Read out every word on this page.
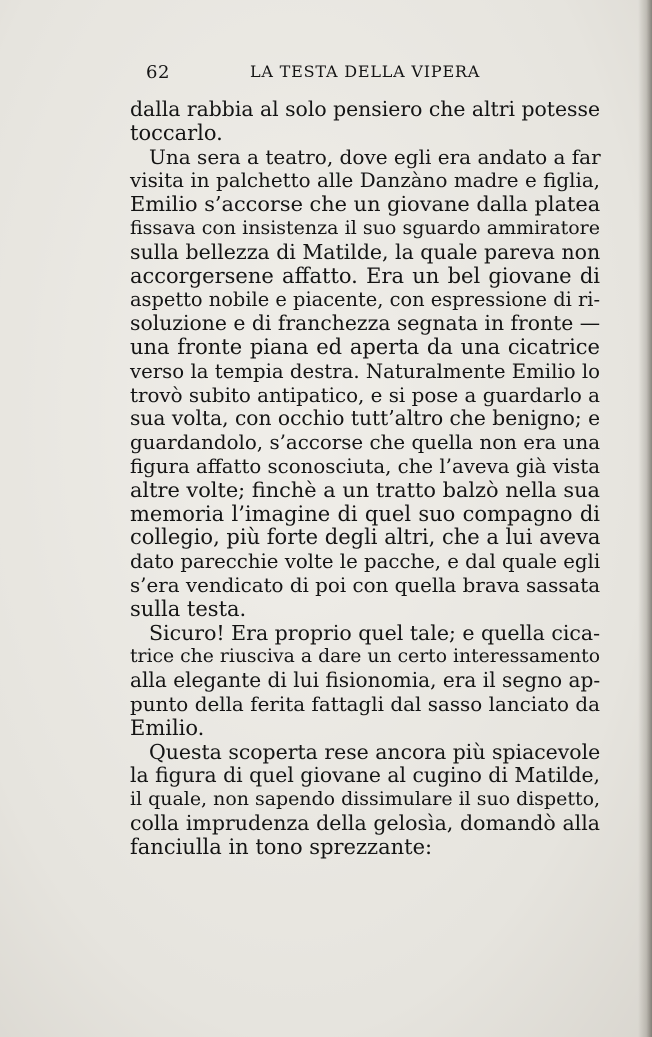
62	LA TESTA DELLA VIPERA
dalla rabbia al solo pensiero che altri potesse
toccarlo.
Una sera a teatro, dove egli era andato a far
visita in palchetto alle Danzàno madre e figlia,
Emilio s’accorse che un giovane dalla platea
fissava con insistenza il suo sguardo ammiratore
sulla bellezza di Matilde, la quale pareva non
accorgersene affatto. Era un bel giovane di
aspetto nobile e piacente, con espressione di ri-
soluzione e di franchezza segnata in fronte —
una fronte piana ed aperta da una cicatrice
verso la tempia destra. Naturalmente Emilio lo
trovò subito antipatico, e si pose a guardarlo a
sua volta, con occhio tutt’altro che benigno; e
guardandolo, s’accorse che quella non era una
figura affatto sconosciuta, che l’aveva già vista
altre volte; finchè a un tratto balzò nella sua
memoria l’imagine di quel suo compagno di
collegio, più forte degli altri, che a lui aveva
dato parecchie volte le pacche, e dal quale egli
s’era vendicato di poi con quella brava sassata
sulla testa.
Sicuro! Era proprio quel tale; e quella cica-
trice che riusciva a dare un certo interessamento
alla elegante di lui fisionomia, era il segno ap-
punto della ferita fattagli dal sasso lanciato da
Emilio.
Questa scoperta rese ancora più spiacevole
la figura di quel giovane al cugino di Matilde,
il quale, non sapendo dissimulare il suo dispetto,
colla imprudenza della gelosìa, domandò alla
fanciulla in tono sprezzante:
